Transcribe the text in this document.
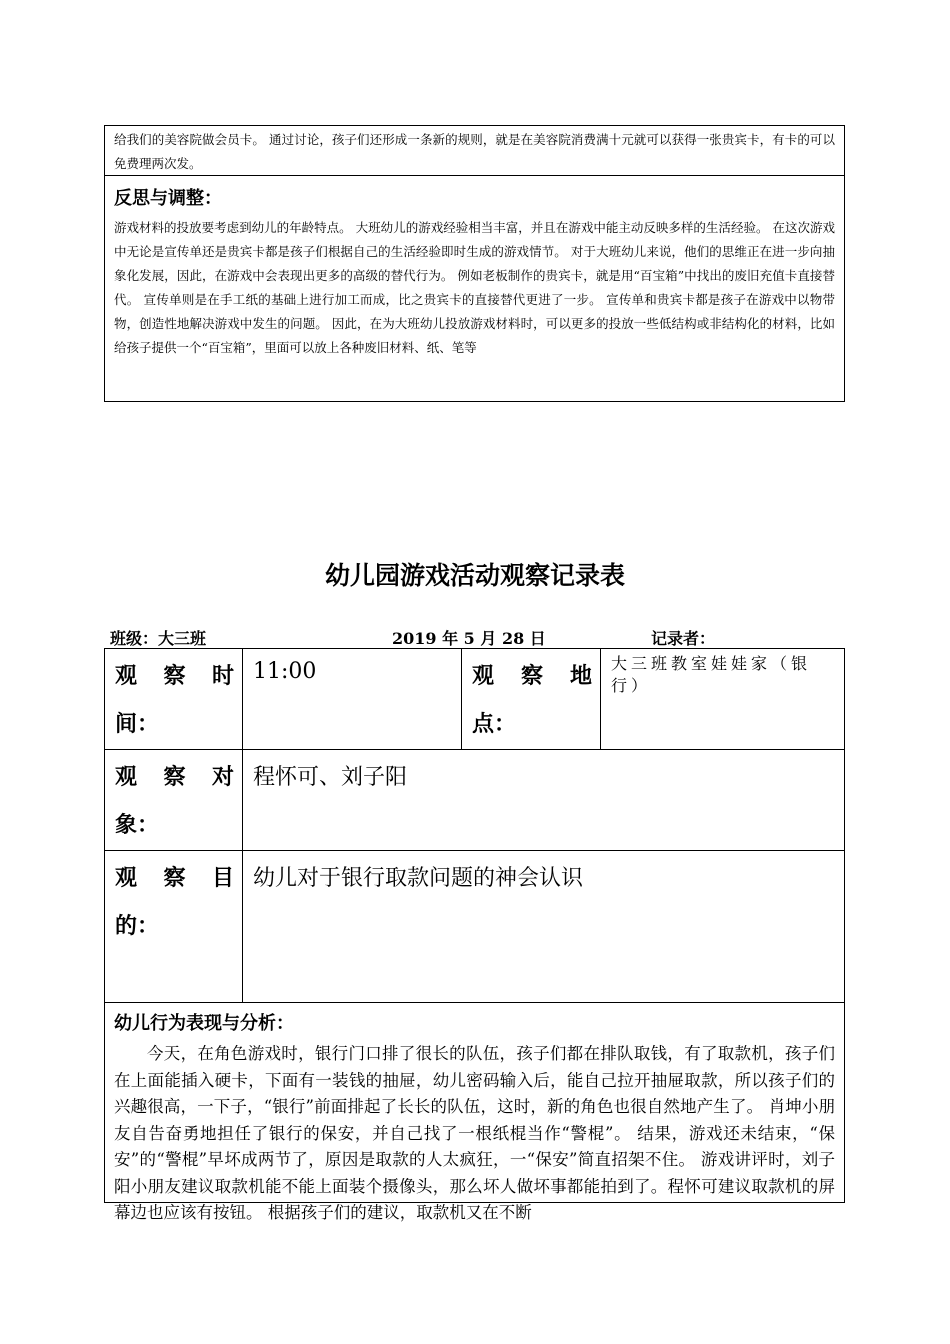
给我们的美容院做会员卡。 通过讨论，孩子们还形成一条新的规则，就是在美容院消费满十元就可以获得一张贵宾卡，有卡的可以免费理两次发。
反思与调整：
游戏材料的投放要考虑到幼儿的年龄特点。 大班幼儿的游戏经验相当丰富，并且在游戏中能主动反映多样的生活经验。 在这次游戏中无论是宣传单还是贵宾卡都是孩子们根据自己的生活经验即时生成的游戏情节。 对于大班幼儿来说，他们的思维正在进一步向抽象化发展，因此，在游戏中会表现出更多的高级的替代行为。 例如老板制作的贵宾卡，就是用“百宝箱”中找出的废旧充值卡直接替代。 宣传单则是在手工纸的基础上进行加工而成，比之贵宾卡的直接替代更进了一步。 宣传单和贵宾卡都是孩子在游戏中以物带物，创造性地解决游戏中发生的问题。 因此，在为大班幼儿投放游戏材料时，可以更多的投放一些低结构或非结构化的材料，比如给孩子提供一个“百宝箱”，里面可以放上各种废旧材料、纸、笔等
幼儿园游戏活动观察记录表
班级：大三班	2019 年 5 月 28 日	记录者：
观 察 时
间：
11:00	观 察 地
点：
大三班教室娃娃家（银行）
观 察 对
象：
程怀可、刘子阳
观 察 目
的：
幼儿对于银行取款问题的神会认识
幼儿行为表现与分析：
今天，在角色游戏时，银行门口排了很长的队伍，孩子们都在排队取钱，有了取款机，孩子们在上面能插入硬卡，下面有一装钱的抽屉，幼儿密码输入后，能自己拉开抽屉取款，所以孩子们的兴趣很高，一下子，“银行”前面排起了长长的队伍，这时，新的角色也很自然地产生了。 肖坤小朋友自告奋勇地担任了银行的保安，并自己找了一根纸棍当作“警棍”。 结果，游戏还未结束，“保安”的“警棍”早坏成两节了，原因是取款的人太疯狂，一“保安”简直招架不住。 游戏讲评时，刘子阳小朋友建议取款机能不能上面装个摄像头，那么坏人做坏事都能拍到了。程怀可建议取款机的屏幕边也应该有按钮。 根据孩子们的建议，取款机又在不断
